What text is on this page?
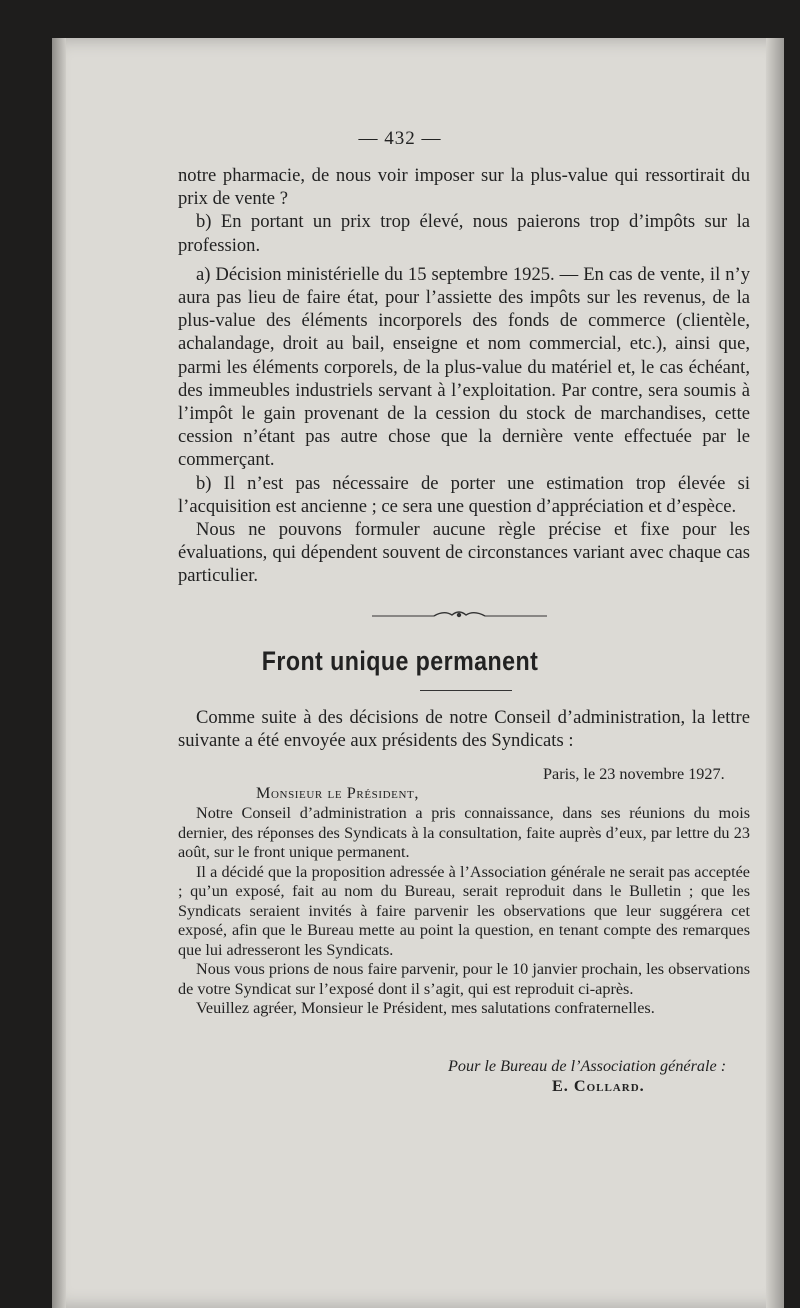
— 432 —

notre pharmacie, de nous voir imposer sur la plus-value qui ressortirait du prix de vente ?

b) En portant un prix trop élevé, nous paierons trop d’impôts sur la profession.

a) Décision ministérielle du 15 septembre 1925. — En cas de vente, il n’y aura pas lieu de faire état, pour l’assiette des impôts sur les revenus, de la plus-value des éléments incorporels des fonds de commerce (clientèle, achalandage, droit au bail, enseigne et nom commercial, etc.), ainsi que, parmi les éléments corporels, de la plus-value du matériel et, le cas échéant, des immeubles industriels servant à l’exploitation. Par contre, sera soumis à l’impôt le gain provenant de la cession du stock de marchandises, cette cession n’étant pas autre chose que la dernière vente effectuée par le commerçant.

b) Il n’est pas nécessaire de porter une estimation trop élevée si l’acquisition est ancienne ; ce sera une question d’appréciation et d’espèce.

Nous ne pouvons formuler aucune règle précise et fixe pour les évaluations, qui dépendent souvent de circonstances variant avec chaque cas particulier.

Front unique permanent

Comme suite à des décisions de notre Conseil d’administration, la lettre suivante a été envoyée aux présidents des Syndicats :

Paris, le 23 novembre 1927.
Monsieur le Président,

Notre Conseil d’administration a pris connaissance, dans ses réunions du mois dernier, des réponses des Syndicats à la consultation, faite auprès d’eux, par lettre du 23 août, sur le front unique permanent.

Il a décidé que la proposition adressée à l’Association générale ne serait pas acceptée ; qu’un exposé, fait au nom du Bureau, serait reproduit dans le Bulletin ; que les Syndicats seraient invités à faire parvenir les observations que leur suggérera cet exposé, afin que le Bureau mette au point la question, en tenant compte des remarques que lui adresseront les Syndicats.

Nous vous prions de nous faire parvenir, pour le 10 janvier prochain, les observations de votre Syndicat sur l’exposé dont il s’agit, qui est reproduit ci-après.

Veuillez agréer, Monsieur le Président, mes salutations confraternelles.

Pour le Bureau de l’Association générale :
E. Collard.
